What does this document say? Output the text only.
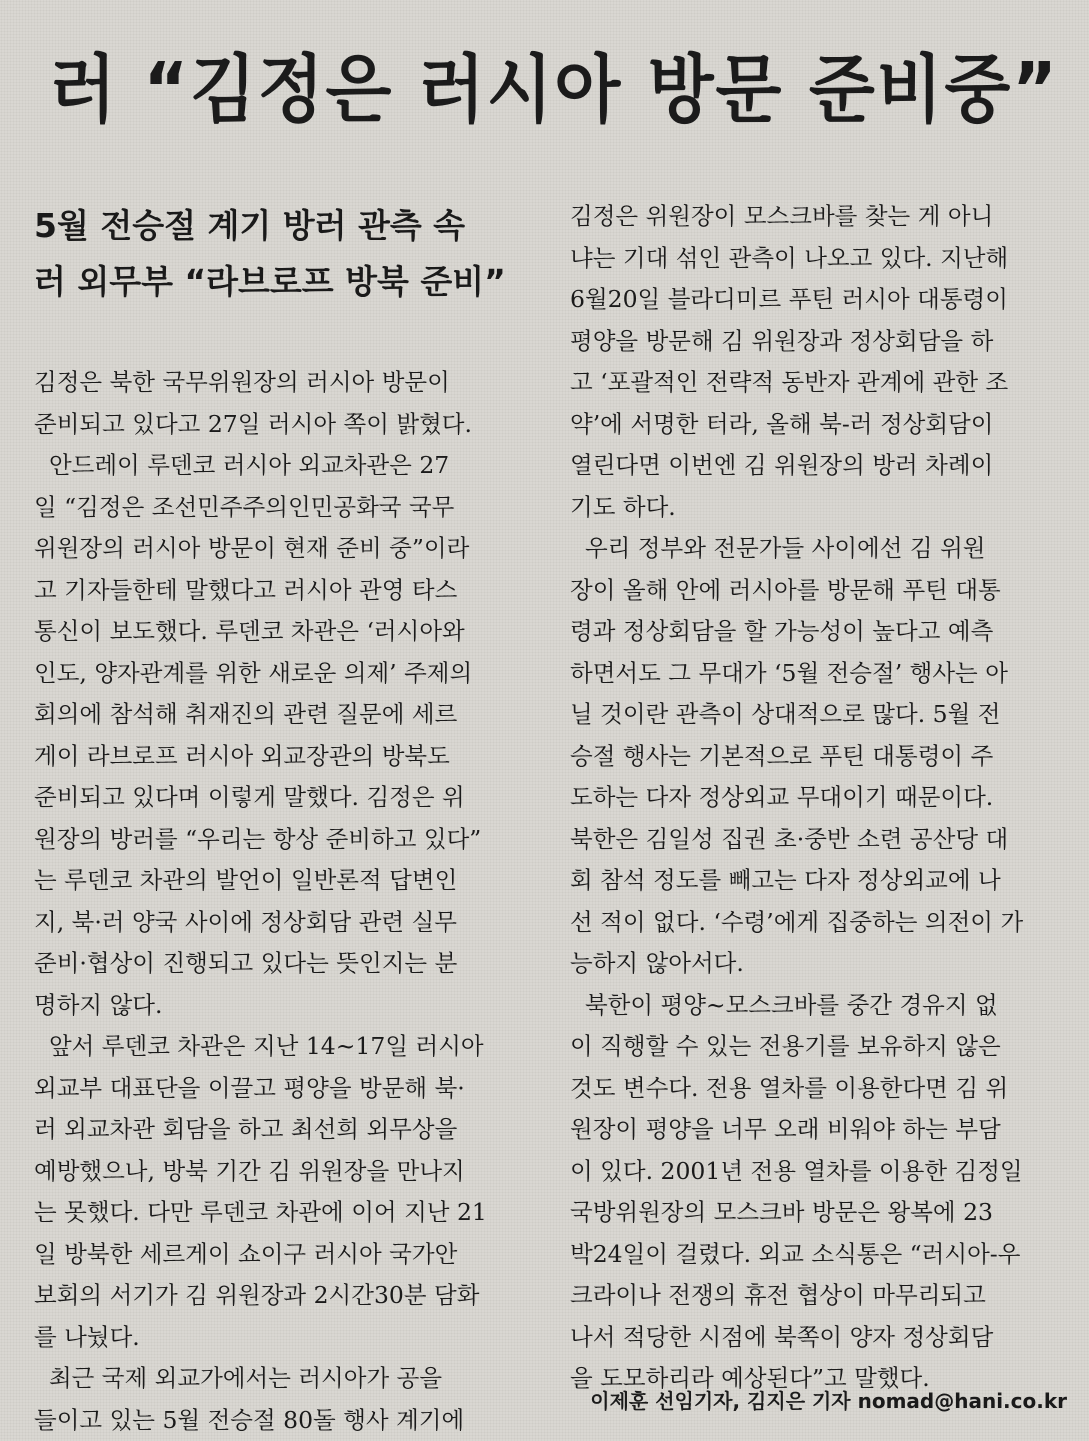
러 “김정은 러시아 방문 준비중”
5월 전승절 계기 방러 관측 속
러 외무부 “라브로프 방북 준비”
김정은 북한 국무위원장의 러시아 방문이
준비되고 있다고 27일 러시아 쪽이 밝혔다.
안드레이 루덴코 러시아 외교차관은 27
일 “김정은 조선민주주의인민공화국 국무
위원장의 러시아 방문이 현재 준비 중”이라
고 기자들한테 말했다고 러시아 관영 타스
통신이 보도했다. 루덴코 차관은 ‘러시아와
인도, 양자관계를 위한 새로운 의제’ 주제의
회의에 참석해 취재진의 관련 질문에 세르
게이 라브로프 러시아 외교장관의 방북도
준비되고 있다며 이렇게 말했다. 김정은 위
원장의 방러를 “우리는 항상 준비하고 있다”
는 루덴코 차관의 발언이 일반론적 답변인
지, 북·러 양국 사이에 정상회담 관련 실무
준비·협상이 진행되고 있다는 뜻인지는 분
명하지 않다.
앞서 루덴코 차관은 지난 14~17일 러시아
외교부 대표단을 이끌고 평양을 방문해 북·
러 외교차관 회담을 하고 최선희 외무상을
예방했으나, 방북 기간 김 위원장을 만나지
는 못했다. 다만 루덴코 차관에 이어 지난 21
일 방북한 세르게이 쇼이구 러시아 국가안
보회의 서기가 김 위원장과 2시간30분 담화
를 나눴다.
최근 국제 외교가에서는 러시아가 공을
들이고 있는 5월 전승절 80돌 행사 계기에
김정은 위원장이 모스크바를 찾는 게 아니
냐는 기대 섞인 관측이 나오고 있다. 지난해
6월20일 블라디미르 푸틴 러시아 대통령이
평양을 방문해 김 위원장과 정상회담을 하
고 ‘포괄적인 전략적 동반자 관계에 관한 조
약’에 서명한 터라, 올해 북-러 정상회담이
열린다면 이번엔 김 위원장의 방러 차례이
기도 하다.
우리 정부와 전문가들 사이에선 김 위원
장이 올해 안에 러시아를 방문해 푸틴 대통
령과 정상회담을 할 가능성이 높다고 예측
하면서도 그 무대가 ‘5월 전승절’ 행사는 아
닐 것이란 관측이 상대적으로 많다. 5월 전
승절 행사는 기본적으로 푸틴 대통령이 주
도하는 다자 정상외교 무대이기 때문이다.
북한은 김일성 집권 초·중반 소련 공산당 대
회 참석 정도를 빼고는 다자 정상외교에 나
선 적이 없다. ‘수령’에게 집중하는 의전이 가
능하지 않아서다.
북한이 평양~모스크바를 중간 경유지 없
이 직행할 수 있는 전용기를 보유하지 않은
것도 변수다. 전용 열차를 이용한다면 김 위
원장이 평양을 너무 오래 비워야 하는 부담
이 있다. 2001년 전용 열차를 이용한 김정일
국방위원장의 모스크바 방문은 왕복에 23
박24일이 걸렸다. 외교 소식통은 “러시아-우
크라이나 전쟁의 휴전 협상이 마무리되고
나서 적당한 시점에 북쪽이 양자 정상회담
을 도모하리라 예상된다”고 말했다.
이제훈 선임기자, 김지은 기자 nomad@hani.co.kr
